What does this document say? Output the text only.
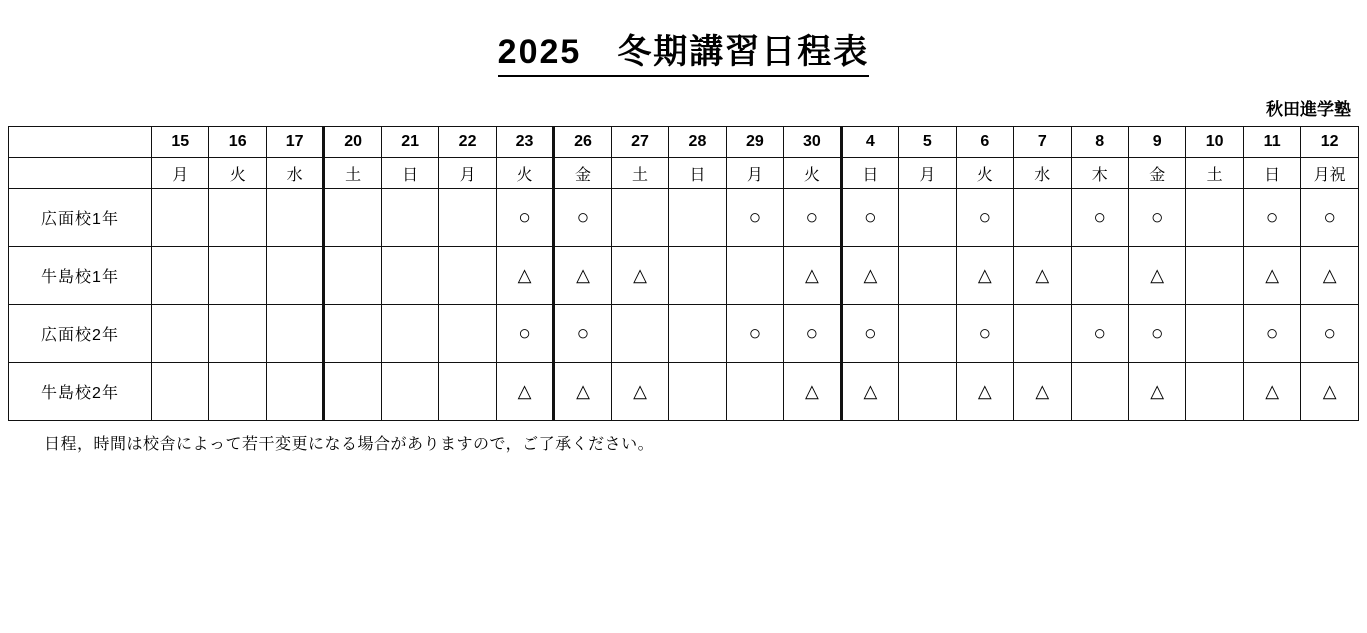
2025　冬期講習日程表
秋田進学塾
	15	16	17	20	21	22	23	26	27	28	29	30	4	5	6	7	8	9	10	11	12
	月	火	水	土	日	月	火	金	土	日	月	火	日	月	火	水	木	金	土	日	月祝
広面校1年							○	○			○	○	○		○		○	○		○	○
牛島校1年							△	△	△			△	△		△	△		△		△	△
広面校2年							○	○			○	○	○		○		○	○		○	○
牛島校2年							△	△	△			△	△		△	△		△		△	△
日程，時間は校舎によって若干変更になる場合がありますので，ご了承ください。
